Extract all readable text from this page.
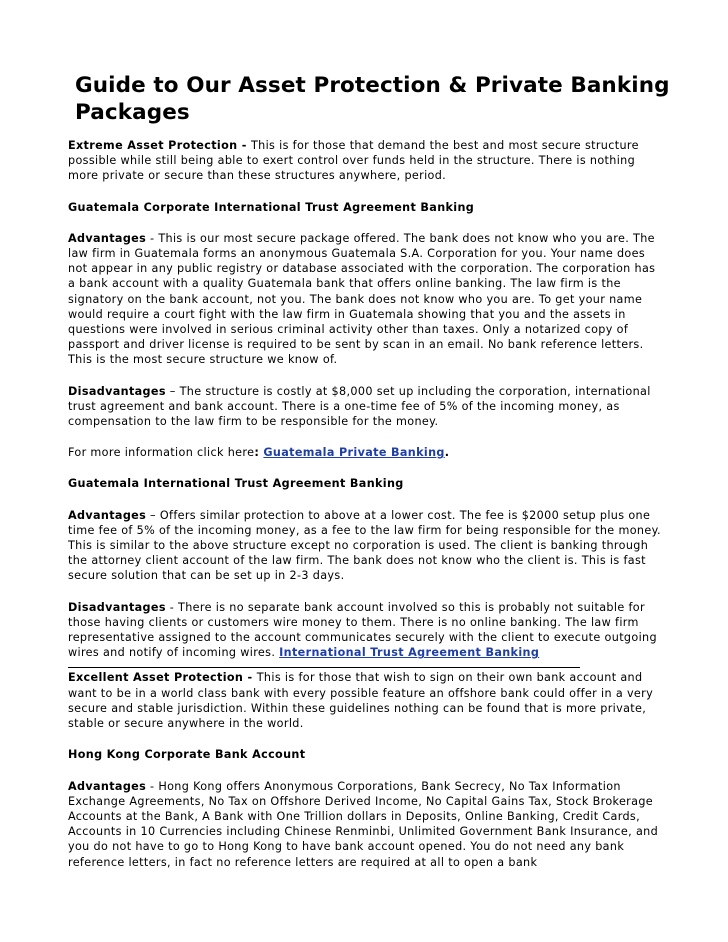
Guide to Our Asset Protection & Private Banking Packages

Extreme Asset Protection - This is for those that demand the best and most secure structure possible while still being able to exert control over funds held in the structure. There is nothing more private or secure than these structures anywhere, period.

Guatemala Corporate International Trust Agreement Banking

Advantages - This is our most secure package offered. The bank does not know who you are. The law firm in Guatemala forms an anonymous Guatemala S.A. Corporation for you. Your name does not appear in any public registry or database associated with the corporation. The corporation has a bank account with a quality Guatemala bank that offers online banking. The law firm is the signatory on the bank account, not you. The bank does not know who you are. To get your name would require a court fight with the law firm in Guatemala showing that you and the assets in questions were involved in serious criminal activity other than taxes. Only a notarized copy of passport and driver license is required to be sent by scan in an email. No bank reference letters. This is the most secure structure we know of.

Disadvantages – The structure is costly at $8,000 set up including the corporation, international trust agreement and bank account. There is a one-time fee of 5% of the incoming money, as compensation to the law firm to be responsible for the money.

For more information click here: Guatemala Private Banking.

Guatemala International Trust Agreement Banking

Advantages – Offers similar protection to above at a lower cost. The fee is $2000 setup plus one time fee of 5% of the incoming money, as a fee to the law firm for being responsible for the money. This is similar to the above structure except no corporation is used. The client is banking through the attorney client account of the law firm. The bank does not know who the client is. This is fast secure solution that can be set up in 2-3 days.

Disadvantages - There is no separate bank account involved so this is probably not suitable for those having clients or customers wire money to them. There is no online banking. The law firm representative assigned to the account communicates securely with the client to execute outgoing wires and notify of incoming wires. International Trust Agreement Banking

Excellent Asset Protection - This is for those that wish to sign on their own bank account and want to be in a world class bank with every possible feature an offshore bank could offer in a very secure and stable jurisdiction. Within these guidelines nothing can be found that is more private, stable or secure anywhere in the world.

Hong Kong Corporate Bank Account

Advantages - Hong Kong offers Anonymous Corporations, Bank Secrecy, No Tax Information Exchange Agreements, No Tax on Offshore Derived Income, No Capital Gains Tax, Stock Brokerage Accounts at the Bank, A Bank with One Trillion dollars in Deposits, Online Banking, Credit Cards, Accounts in 10 Currencies including Chinese Renminbi, Unlimited Government Bank Insurance, and you do not have to go to Hong Kong to have bank account opened. You do not need any bank reference letters, in fact no reference letters are required at all to open a bank
